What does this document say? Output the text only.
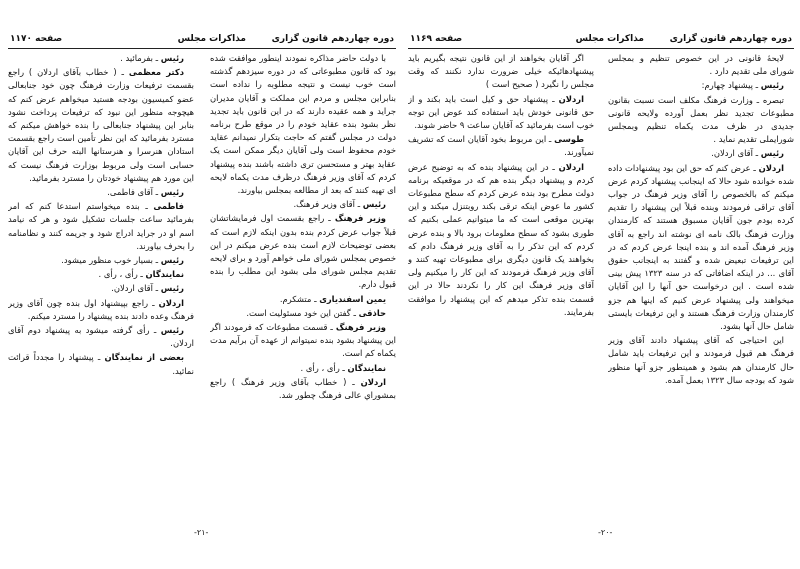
دوره چهاردهم قانون گزاری
مذاکرات مجلس
صفحه ۱۱۷۰

با دولت حاضر مذاکره نمودند اینطور موافقت شده بود که قانون مطبوعاتی که در دوره سیزدهم گذشته است خوب نیست و نتیجه مطلوبه را نداده است بنابراین مجلس و مردم این مملکت و آقایان مدیران جراید و همه عقیده دارند که در این قانون باید تجدید نظر بشود بنده عقاید خودم را در موقع طرح برنامه دولت در مجلس گفتم که حاجت بتکرار نمیدانم عقاید خودم محفوظ است ولی آقایان دیگر ممکن است یک عقاید بهتر و مستحسن تری داشته باشند بنده پیشنهاد کردم که آقای وزیر فرهنگ درظرف مدت یکماه لایحه ای تهیه کنند که بعد از مطالعه بمجلس بیاورند.

رئیس ـ آقای وزیر فرهنگ.

وزیر فرهنگ ـ راجع بقسمت اول فرمایشاتشان قبلاً جواب عرض کردم بنده بدون اینکه لازم است که بعضی توضیحات لازم است بنده عرض میکنم در این خصوص بمجلس شورای ملی خواهم آورد و برای لایحه تقدیم مجلس شورای ملی بشود این مطلب را بنده قبول دارم.

یمین اسفندیاری ـ متشکرم.

حاذقی ـ گفتن این خود مسئولیت است.

وزیر فرهنگ ـ قسمت مطبوعات که فرمودند اگر این پیشنهاد بشود بنده نمیتوانم از عهده آن برآیم مدت یکماه کم است.

نمایندگان ـ رأی ، رأی .

اردلان ـ ( خطاب بآقای وزیر فرهنگ ) راجع بمشوراي عالی فرهنگ چطور شد.

رئیس ـ بفرمائید .

دکتر معظمی ـ ( خطاب بآقای اردلان ) راجع بقسمت ترفیعات وزارت فرهنگ چون خود جنابعالی عضو کمیسیون بودجه هستید میخواهم عرض کنم که هیچوجه منظور این نبود که ترفیعات پرداخت نشود بنابر این پیشنهاد جنابعالی را بنده خواهش میکنم که مسترد بفرمائید که این نظر تأمین است راجع بقسمت استادان هنرسرا و هنرستانها البته حرف این آقایان حسابی است ولی مربوط بوزارت فرهنگ نیست که این مورد هم پیشنهاد خودتان را مسترد بفرمائید.

رئیس ـ آقای فاطمی.

فاطمی ـ بنده میخواستم استدعا کنم که امر بفرمائید ساعت جلسات تشکیل شود و هر که نیامد اسم او در جراید ادراج شود و جریمه کنند و نظامنامه را بحرف بیاورند.

رئیس ـ بسیار خوب منظور میشود.

نمایندگان ـ رأی ، رأی .

رئیس ـ آقای اردلان.

اردلان ـ راجع بپیشنهاد اول بنده چون آقای وزیر فرهنگ وعده دادند بنده پیشنهاد را مسترد میکنم.

رئیس ـ رأی گرفته میشود به پیشنهاد دوم آقای اردلان.

بعضی از نمایندگان ـ پیشنهاد را مجدداً قرائت نمائید.

-۲۱-
دوره چهاردهم قانون گزاری
مذاکرات مجلس
صفحه ۱۱۶۹

لایحهٔ قانونی در این خصوص تنظیم و بمجلس شورای ملی تقدیم دارد .

رئیس ـ پیشنهاد چهارم:

تبصره ـ وزارت فرهنگ مکلف است نسبت بقانون مطبوعات تجدید نظر بعمل آورده ولایحه قانونی جدیدی در ظرف مدت یکماه تنظیم وبمجلس شورایملی تقدیم نماید .

رئیس ـ آقای اردلان.

اردلان ـ عرض کنم که حق این بود پیشنهادات داده شده خوانده شود حالا که اینجانب پیشنهاد کردم عرض میکنم که بالخصوص را آقای وزیر فرهنگ در جواب آقای تراقی فرمودند وبنده قبلاً این پیشنهاد را تقدیم کرده بودم جون آقایان مسبوق هستند که کارمندان وزارت فرهنگ بالک نامه ای نوشته اند راجع به آقای وزیر فرهنگ آمده اند و بنده اینجا عرض کردم که در این ترفیعات تبعیض شده و گفتند به اینجانب حقوق آقای ... در اینکه اضافاتی که در سنه ۱۳۲۳ پیش بینی شده است . این درخواست حق آنها را این آقایان میخواهند ولی پیشنهاد عرض کنیم که اینها هم جزو کارمندان وزارت فرهنگ هستند و این ترفیعات بایستی شامل حال آنها بشود.

این احتیاجی که آقای پیشنهاد دادند آقای وزیر فرهنگ هم قبول فرمودند و این ترفیعات باید شامل حال کارمندان هم بشود و همینطور جزو آنها منظور شود که بودجه سال ۱۳۲۳ بعمل آمده.

اگر آقایان بخواهند از این قانون نتیجه بگیریم باید پیشنهادهائیکه خیلی ضرورت ندارد نکنند که وقت مجلس را نگیرد ( صحیح است )

اردلان ـ پیشنهاد حق و کیل است باید بکند و از حق قانونی خودش باید استفاده کند عوض این توجه خوب است بفرمائید که آقایان ساعت ۹ حاضر شوند.

طوسی ـ این مربوط بخود آقایان است که تشریف نمیآورند.

اردلان ـ در این پیشنهاد بنده که به توضیح عرض کردم و پیشنهاد دیگر بنده هم که در موقعیکه برنامه دولت مطرح بود بنده عرض کردم که سطح مطبوعات کشور ما عوض اینکه ترقی بکند روبتنزل میکند و این بهترین موقعی است که ما میتوانیم عملی بکنیم که طوری بشود که سطح معلومات برود بالا و بنده عرض کردم که این تذکر را به آقای وزیر فرهنگ دادم که بخواهند یک قانون دیگری برای مطبوعات تهیه کنند و آقای وزیر فرهنگ فرمودند که این کار را میکنیم ولی آقای وزیر فرهنگ این کار را نکردند حالا در این قسمت بنده تذکر میدهم که این پیشنهاد را موافقت بفرمایند.

-۲۰-
